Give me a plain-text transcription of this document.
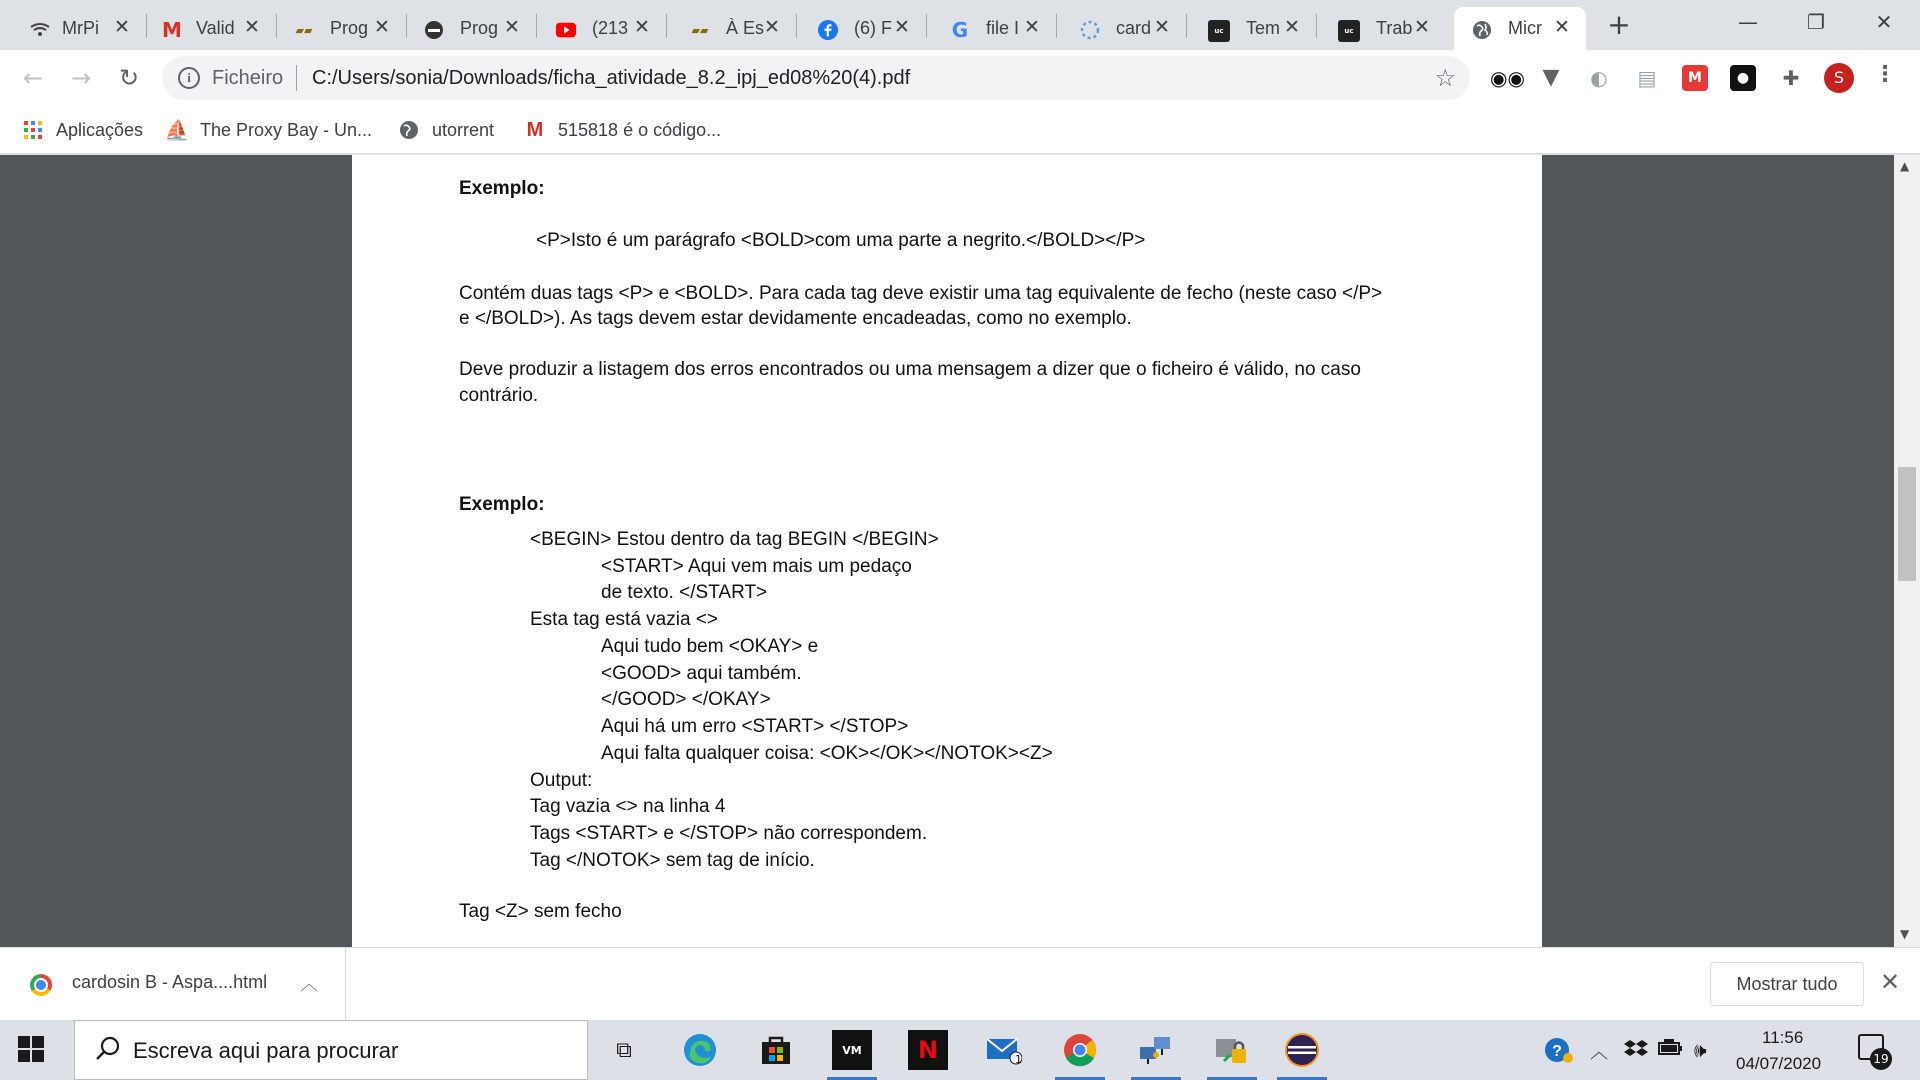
MrPi ✕ M Valid ✕	▰▰ Prog ✕	Prog ✕	(213 ✕	▰▰ À Es ✕	(6) F ✕ G file I ✕	card ✕	uc	Tem ✕	uc	Trab ✕	Micr ✕ +	—	❐	✕
← → ↻	i	Ficheiro C:/Users/sonia/Downloads/ficha_atividade_8.2_ipj_ed08%20(4).pdf	☆ ◉◉ ▼ ◐ ▤	M	●	✚	S	⋮
Aplicações ⛵ The Proxy Bay - Un...	utorrent M 515818 é o código...
Exemplo:
<P>Isto é um parágrafo <BOLD>com uma parte a negrito.</BOLD></P>
Contém duas tags <P> e <BOLD>. Para cada tag deve existir uma tag equivalente de fecho (neste caso </P>
e </BOLD>). As tags devem estar devidamente encadeadas, como no exemplo.
Deve produzir a listagem dos erros encontrados ou uma mensagem a dizer que o ficheiro é válido, no caso
contrário.
Exemplo:
<BEGIN> Estou dentro da tag BEGIN </BEGIN>
<START> Aqui vem mais um pedaço
de texto. </START>
Esta tag está vazia <>
Aqui tudo bem <OKAY> e
<GOOD> aqui também.
</GOOD> </OKAY>
Aqui há um erro <START> </STOP>
Aqui falta qualquer coisa: <OK></OK></NOTOK><Z>
Output:
Tag vazia <> na linha 4
Tags <START> e </STOP> não correspondem.
Tag </NOTOK> sem tag de início.
Tag <Z> sem fecho
▲
▼
cardosin B - Aspa....html ︿	Mostrar tudo	✕
Escreva aqui para procurar	⧉	VM	N	1	? ︿	🕪
11:56
04/07/2020	19
